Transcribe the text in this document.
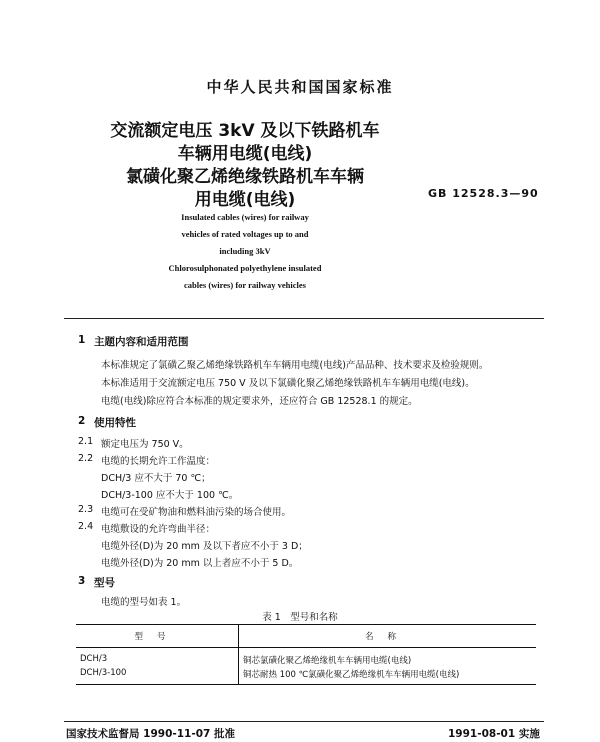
中华人民共和国国家标准
交流额定电压 3kV 及以下铁路机车
车辆用电缆(电线)
氯磺化聚乙烯绝缘铁路机车车辆
用电缆(电线)	GB 12528.3—90
Insulated cables (wires) for railway
vehicles of rated voltages up to and
including 3kV
Chlorosulphonated polyethylene insulated
cables (wires) for railway vehicles
1 主题内容和适用范围
本标准规定了氯磺乙聚乙烯绝缘铁路机车车辆用电缆(电线)产品品种、技术要求及检验规则。
本标准适用于交流额定电压 750 V 及以下氯磺化聚乙烯绝缘铁路机车车辆用电缆(电线)。
电缆(电线)除应符合本标准的规定要求外，还应符合 GB 12528.1 的规定。
2 使用特性
2.1 额定电压为 750 V。
2.2 电缆的长期允许工作温度：
DCH/3 应不大于 70 ℃；
DCH/3-100 应不大于 100 ℃。
2.3 电缆可在受矿物油和燃料油污染的场合使用。
2.4 电缆敷设的允许弯曲半径：
电缆外径(D)为 20 mm 及以下者应不小于 3 D；
电缆外径(D)为 20 mm 以上者应不小于 5 D。
3 型号
电缆的型号如表 1。
表 1　型号和名称
型号	名称
DCH/3	铜芯氯磺化聚乙烯绝缘机车车辆用电缆(电线)
DCH/3-100	铜芯耐热 100 ℃氯磺化聚乙烯绝缘机车车辆用电缆(电线)
国家技术监督局 1990-11-07 批准	1991-08-01 实施
